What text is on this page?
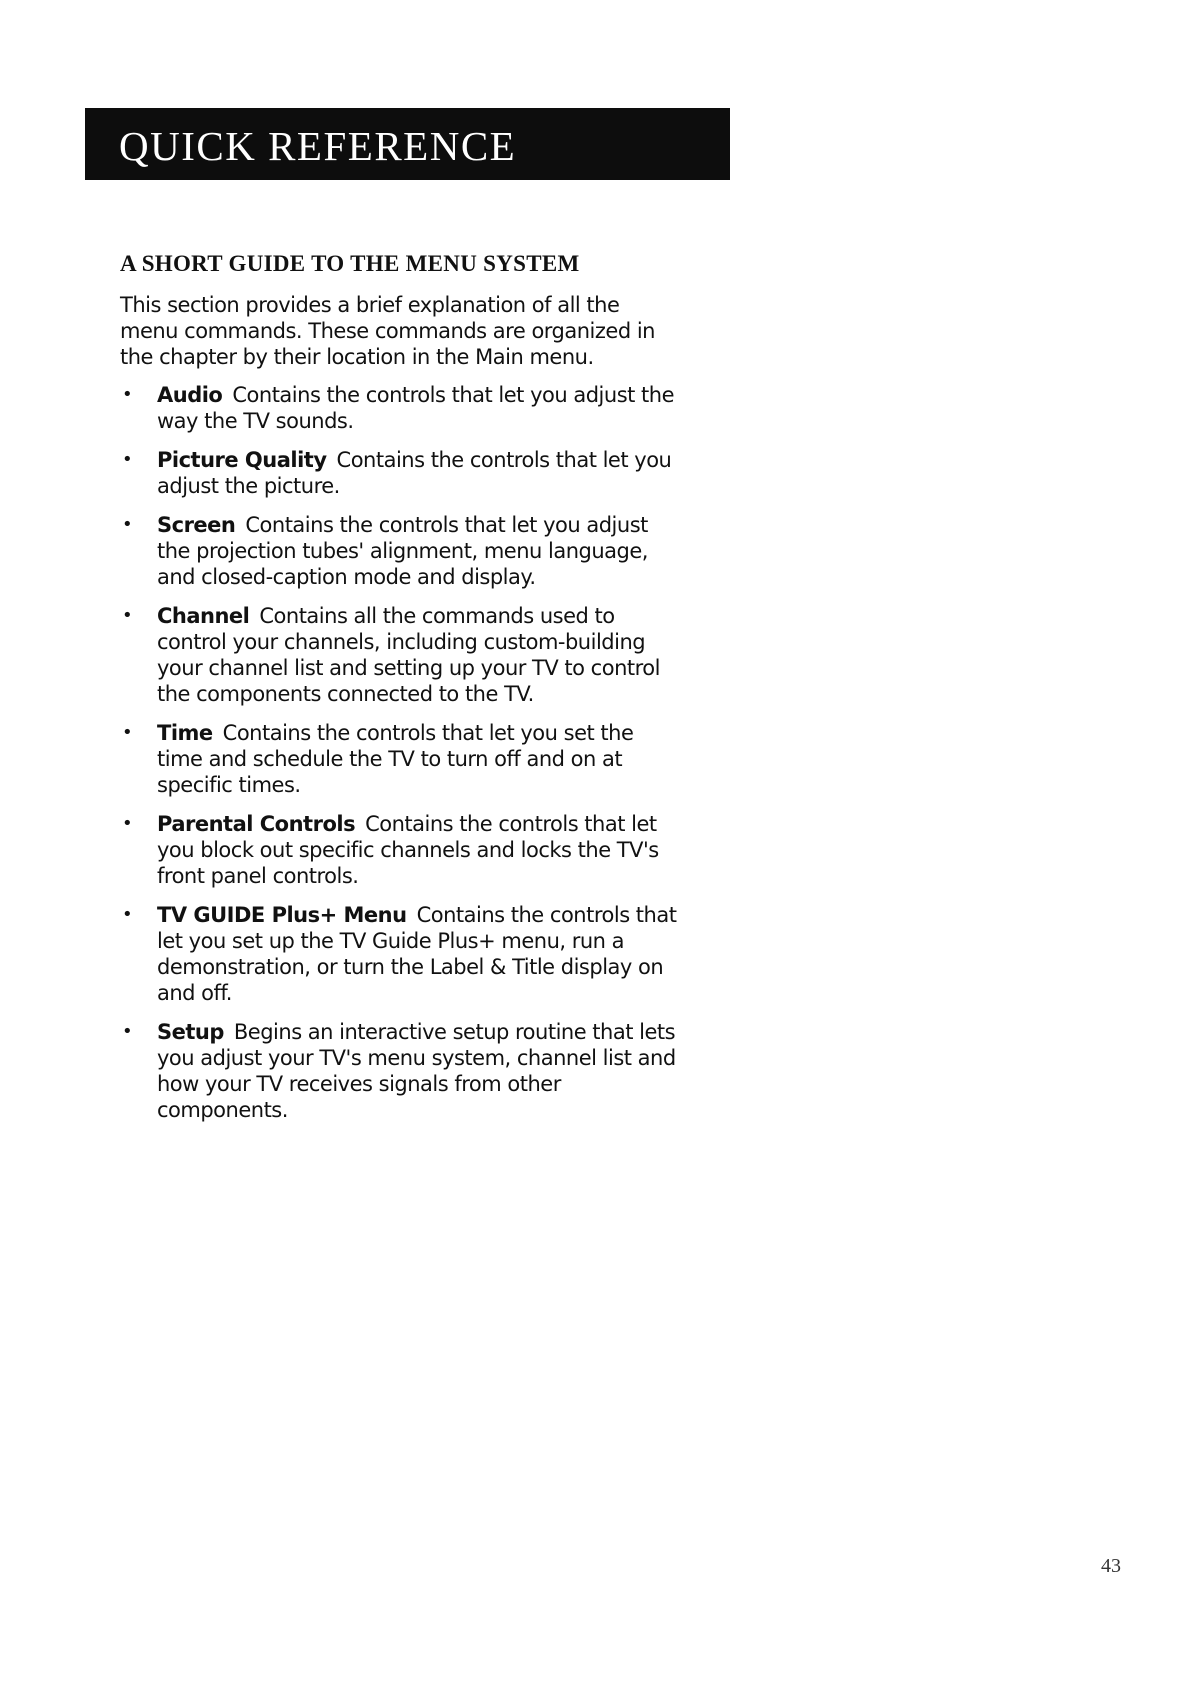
QUICK REFERENCE
A SHORT GUIDE TO THE MENU SYSTEM

This section provides a brief explanation of all the menu commands. These commands are organized in the chapter by their location in the Main menu.

• Audio Contains the controls that let you adjust the way the TV sounds.
• Picture Quality Contains the controls that let you adjust the picture.
• Screen Contains the controls that let you adjust the projection tubes' alignment, menu language, and closed-caption mode and display.
• Channel Contains all the commands used to control your channels, including custom-building your channel list and setting up your TV to control the components connected to the TV.
• Time Contains the controls that let you set the time and schedule the TV to turn off and on at specific times.
• Parental Controls Contains the controls that let you block out specific channels and locks the TV's front panel controls.
• TV GUIDE Plus+ Menu Contains the controls that let you set up the TV Guide Plus+ menu, run a demonstration, or turn the Label & Title display on and off.
• Setup Begins an interactive setup routine that lets you adjust your TV's menu system, channel list and how your TV receives signals from other components.
43
